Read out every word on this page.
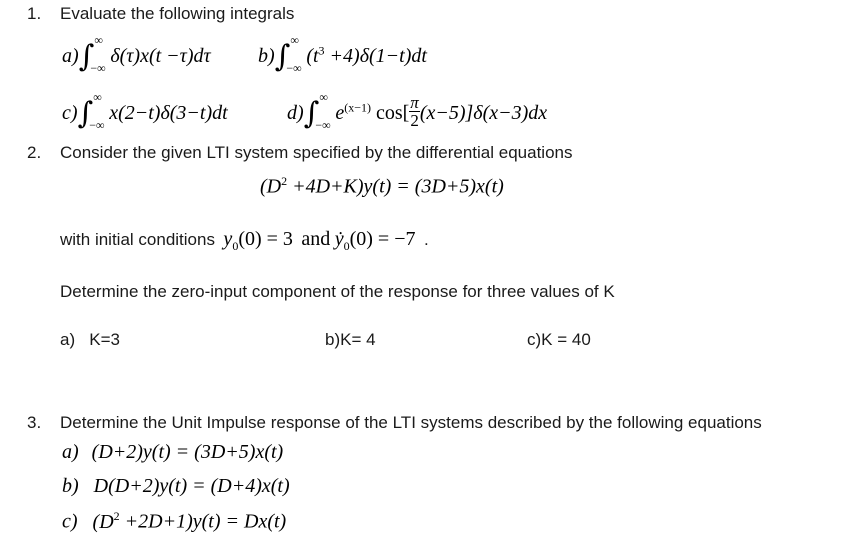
1. Evaluate the following integrals
a)∫ ∞
−∞
δ(τ)x(t −τ)dτ b)∫ ∞
−∞
$(t^3 +4)\delta(1-t)dt$
c)∫ ∞
−∞
x(2−t)δ(3−t)dt	d)∫ ∞
−∞
$e^{(x-1)}$ $\cos[ \frac{\pi}{2} (x-5)]\delta(x-3)dx$
2. Consider the given LTI system specified by the differential equations
$(D^2 +4D+K)y(t) = (3D+5)x(t)$
with initial conditions $y_0(0) = 3$ and ẏ$_0$(0) = −7 .
Determine the zero-input component of the response for three values of K
a)   K=3	b)K= 4	c)K = 40
3. Determine the Unit Impulse response of the LTI systems described by the following equations
a) (D+2)y(t) = (3D+5)x(t)
b) D(D+2)y(t) = (D+4)x(t)
c) $(D^2 +2D+1)y(t) = Dx(t)$
